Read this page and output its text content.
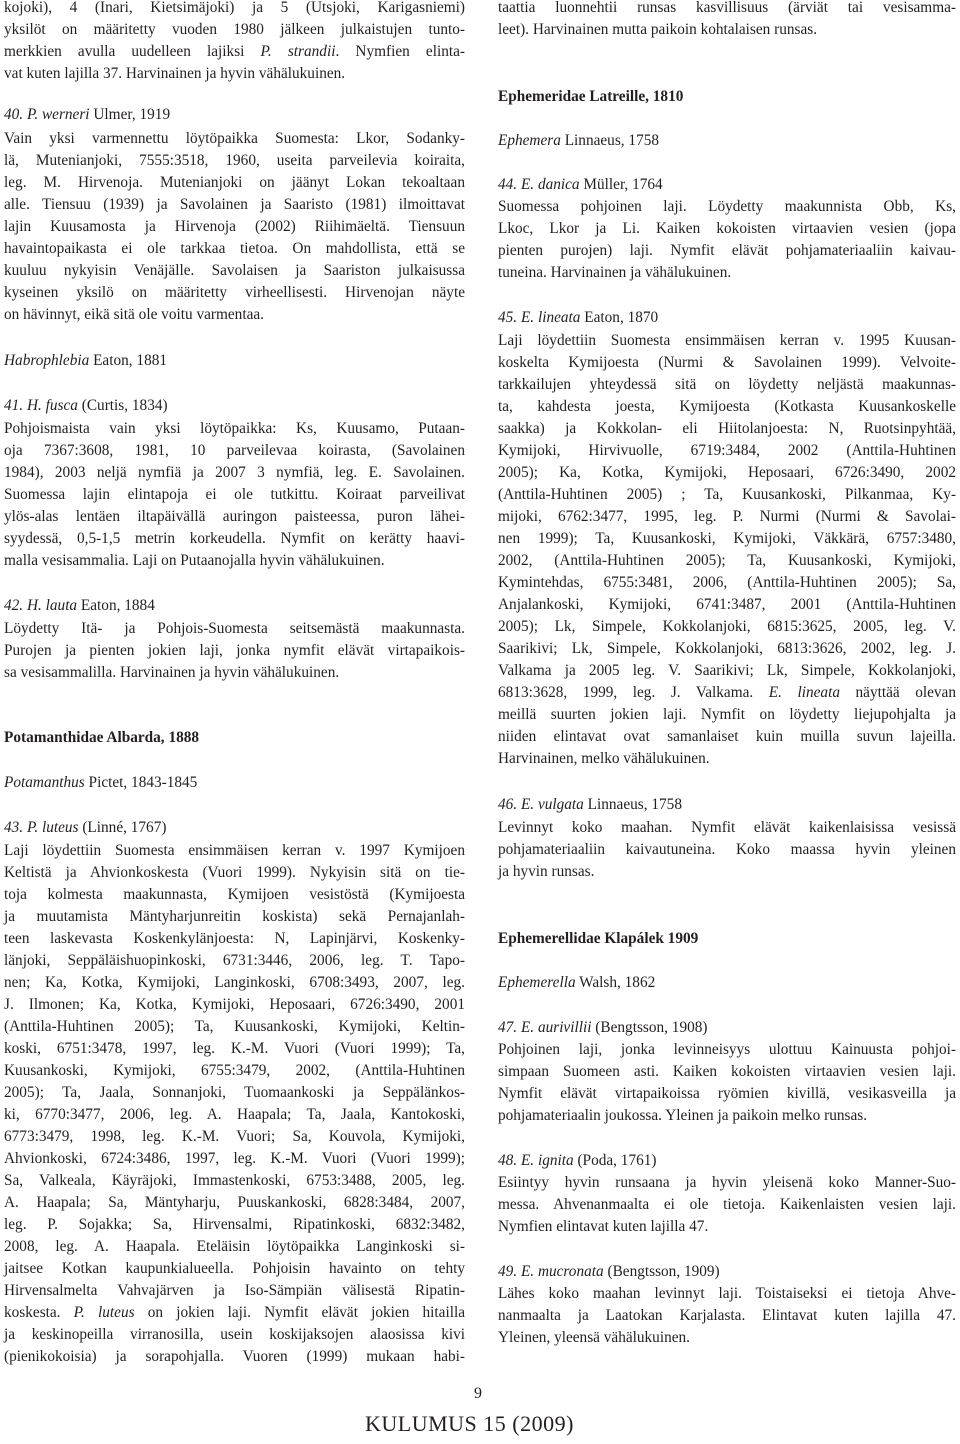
kojoki), 4 (Inari, Kietsimäjoki) ja 5 (Utsjoki, Karigasniemi)
yksilöt on määritetty vuoden 1980 jälkeen julkaistujen tunto-
merkkien avulla uudelleen lajiksi P. strandii. Nymfien elinta-
vat kuten lajilla 37. Harvinainen ja hyvin vähälukuinen.
40. P. werneri Ulmer, 1919
Vain yksi varmennettu löytöpaikka Suomesta: Lkor, Sodanky-
lä, Mutenianjoki, 7555:3518, 1960, useita parveilevia koiraita,
leg. M. Hirvenoja. Mutenianjoki on jäänyt Lokan tekoaltaan
alle. Tiensuu (1939) ja Savolainen ja Saaristo (1981) ilmoittavat
lajin Kuusamosta ja Hirvenoja (2002) Riihimäeltä. Tiensuun
havaintopaikasta ei ole tarkkaa tietoa. On mahdollista, että se
kuuluu nykyisin Venäjälle. Savolaisen ja Saariston julkaisussa
kyseinen yksilö on määritetty virheellisesti. Hirvenojan näyte
on hävinnyt, eikä sitä ole voitu varmentaa.
Habrophlebia Eaton, 1881
41. H. fusca (Curtis, 1834)
Pohjoismaista vain yksi löytöpaikka: Ks, Kuusamo, Putaan-
oja 7367:3608, 1981, 10 parveilevaa koirasta, (Savolainen
1984), 2003 neljä nymfiä ja 2007 3 nymfiä, leg. E. Savolainen.
Suomessa lajin elintapoja ei ole tutkittu. Koiraat parveilivat
ylös-alas lentäen iltapäivällä auringon paisteessa, puron lähei-
syydessä, 0,5-1,5 metrin korkeudella. Nymfit on kerätty haavi-
malla vesisammalia. Laji on Putaanojalla hyvin vähälukuinen.
42. H. lauta Eaton, 1884
Löydetty Itä- ja Pohjois-Suomesta seitsemästä maakunnasta.
Purojen ja pienten jokien laji, jonka nymfit elävät virtapaikois-
sa vesisammalilla. Harvinainen ja hyvin vähälukuinen.
Potamanthidae Albarda, 1888
Potamanthus Pictet, 1843-1845
43. P. luteus (Linné, 1767)
Laji löydettiin Suomesta ensimmäisen kerran v. 1997 Kymijoen
Keltistä ja Ahvionkoskesta (Vuori 1999). Nykyisin sitä on tie-
toja kolmesta maakunnasta, Kymijoen vesistöstä (Kymijoesta
ja muutamista Mäntyharjunreitin koskista) sekä Pernajanlah-
teen laskevasta Koskenkylänjoesta: N, Lapinjärvi, Koskenky-
länjoki, Seppäläishuopinkoski, 6731:3446, 2006, leg. T. Tapo-
nen; Ka, Kotka, Kymijoki, Langinkoski, 6708:3493, 2007, leg.
J. Ilmonen; Ka, Kotka, Kymijoki, Heposaari, 6726:3490, 2001
(Anttila-Huhtinen 2005); Ta, Kuusankoski, Kymijoki, Keltin-
koski, 6751:3478, 1997, leg. K.-M. Vuori (Vuori 1999); Ta,
Kuusankoski, Kymijoki, 6755:3479, 2002, (Anttila-Huhtinen
2005); Ta, Jaala, Sonnanjoki, Tuomaankoski ja Seppälänkos-
ki, 6770:3477, 2006, leg. A. Haapala; Ta, Jaala, Kantokoski,
6773:3479, 1998, leg. K.-M. Vuori; Sa, Kouvola, Kymijoki,
Ahvionkoski, 6724:3486, 1997, leg. K.-M. Vuori (Vuori 1999);
Sa, Valkeala, Käyräjoki, Immastenkoski, 6753:3488, 2005, leg.
A. Haapala; Sa, Mäntyharju, Puuskankoski, 6828:3484, 2007,
leg. P. Sojakka; Sa, Hirvensalmi, Ripatinkoski, 6832:3482,
2008, leg. A. Haapala. Eteläisin löytöpaikka Langinkoski si-
jaitsee Kotkan kaupunkialueella. Pohjoisin havainto on tehty
Hirvensalmelta Vahvajärven ja Iso-Sämpiän välisestä Ripatin-
koskesta. P. luteus on jokien laji. Nymfit elävät jokien hitailla
ja keskinopeilla virranosilla, usein koskijaksojen alaosissa kivi
(pienikokoisia) ja sorapohjalla. Vuoren (1999) mukaan habi-
taattia luonnehtii runsas kasvillisuus (ärviät tai vesisamma-
leet). Harvinainen mutta paikoin kohtalaisen runsas.
Ephemeridae Latreille, 1810
Ephemera Linnaeus, 1758
44. E. danica Müller, 1764
Suomessa pohjoinen laji. Löydetty maakunnista Obb, Ks,
Lkoc, Lkor ja Li. Kaiken kokoisten virtaavien vesien (jopa
pienten purojen) laji. Nymfit elävät pohjamateriaaliin kaivau-
tuneina. Harvinainen ja vähälukuinen.
45. E. lineata Eaton, 1870
Laji löydettiin Suomesta ensimmäisen kerran v. 1995 Kuusan-
koskelta Kymijoesta (Nurmi & Savolainen 1999). Velvoite-
tarkkailujen yhteydessä sitä on löydetty neljästä maakunnas-
ta, kahdesta joesta, Kymijoesta (Kotkasta Kuusankoskelle
saakka) ja Kokkolan- eli Hiitolanjoesta: N, Ruotsinpyhtää,
Kymijoki, Hirvivuolle, 6719:3484, 2002 (Anttila-Huhtinen
2005); Ka, Kotka, Kymijoki, Heposaari, 6726:3490, 2002
(Anttila-Huhtinen 2005) ; Ta, Kuusankoski, Pilkanmaa, Ky-
mijoki, 6762:3477, 1995, leg. P. Nurmi (Nurmi & Savolai-
nen 1999); Ta, Kuusankoski, Kymijoki, Väkkärä, 6757:3480,
2002, (Anttila-Huhtinen 2005); Ta, Kuusankoski, Kymijoki,
Kymintehdas, 6755:3481, 2006, (Anttila-Huhtinen 2005); Sa,
Anjalankoski, Kymijoki, 6741:3487, 2001 (Anttila-Huhtinen
2005); Lk, Simpele, Kokkolanjoki, 6815:3625, 2005, leg. V.
Saarikivi; Lk, Simpele, Kokkolanjoki, 6813:3626, 2002, leg. J.
Valkama ja 2005 leg. V. Saarikivi; Lk, Simpele, Kokkolanjoki,
6813:3628, 1999, leg. J. Valkama. E. lineata näyttää olevan
meillä suurten jokien laji. Nymfit on löydetty liejupohjalta ja
niiden elintavat ovat samanlaiset kuin muilla suvun lajeilla.
Harvinainen, melko vähälukuinen.
46. E. vulgata Linnaeus, 1758
Levinnyt koko maahan. Nymfit elävät kaikenlaisissa vesissä
pohjamateriaaliin kaivautuneina. Koko maassa hyvin yleinen
ja hyvin runsas.
Ephemerellidae Klapálek 1909
Ephemerella Walsh, 1862
47. E. aurivillii (Bengtsson, 1908)
Pohjoinen laji, jonka levinneisyys ulottuu Kainuusta pohjoi-
simpaan Suomeen asti. Kaiken kokoisten virtaavien vesien laji.
Nymfit elävät virtapaikoissa ryömien kivillä, vesikasveilla ja
pohjamateriaalin joukossa. Yleinen ja paikoin melko runsas.
48. E. ignita (Poda, 1761)
Esiintyy hyvin runsaana ja hyvin yleisenä koko Manner-Suo-
messa. Ahvenanmaalta ei ole tietoja. Kaikenlaisten vesien laji.
Nymfien elintavat kuten lajilla 47.
49. E. mucronata (Bengtsson, 1909)
Lähes koko maahan levinnyt laji. Toistaiseksi ei tietoja Ahve-
nanmaalta ja Laatokan Karjalasta. Elintavat kuten lajilla 47.
Yleinen, yleensä vähälukuinen.
9
KULUMUS 15 (2009)
